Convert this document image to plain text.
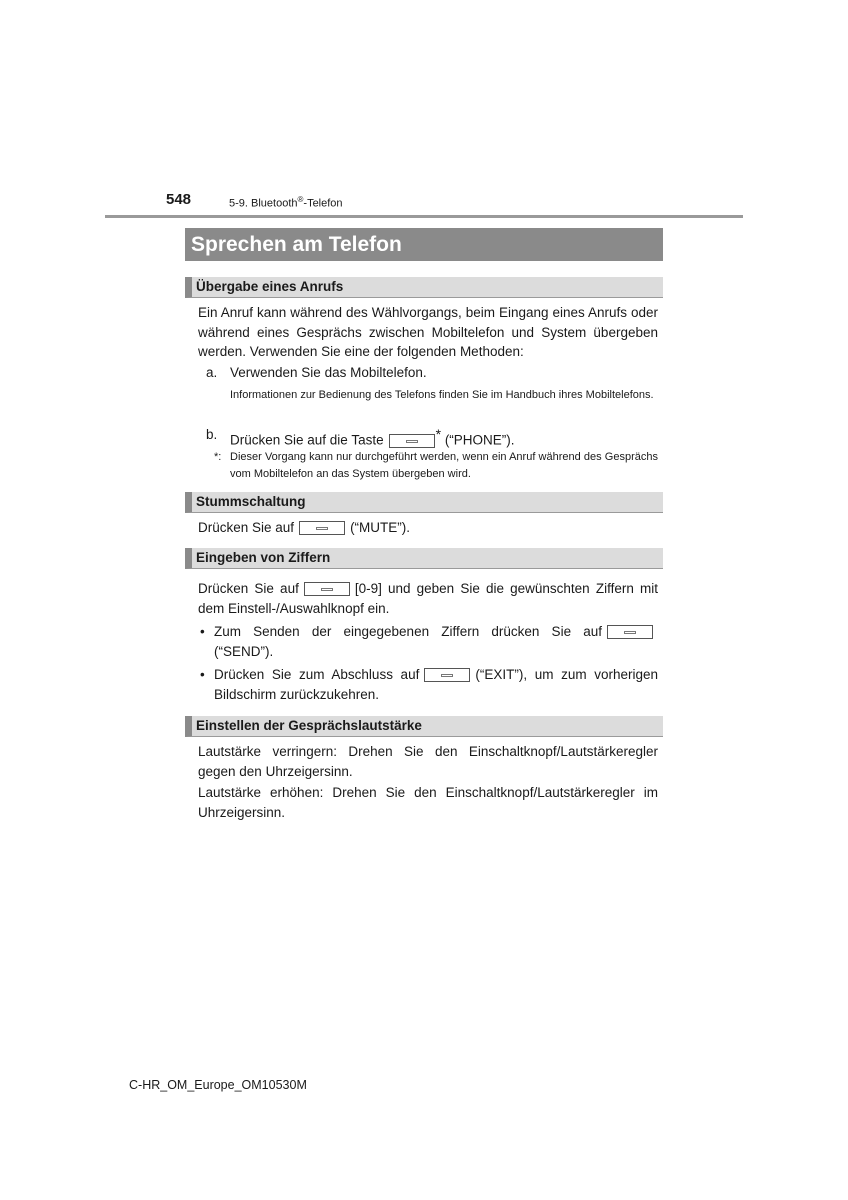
548	5-9. Bluetooth®-Telefon
Sprechen am Telefon
Übergabe eines Anrufs
Ein Anruf kann während des Wählvorgangs, beim Eingang eines Anrufs oder während eines Gesprächs zwischen Mobiltelefon und System übergeben werden. Verwenden Sie eine der folgenden Methoden:
a. Verwenden Sie das Mobiltelefon.
Informationen zur Bedienung des Telefons finden Sie im Handbuch ihres Mobiltelefons.
b. Drücken Sie auf die Taste	* (“PHONE”).
*: Dieser Vorgang kann nur durchgeführt werden, wenn ein Anruf während des Gesprächs vom Mobiltelefon an das System übergeben wird.
Stummschaltung
Drücken Sie auf	(“MUTE”).
Eingeben von Ziffern
Drücken Sie auf	[0-9] und geben Sie die gewünschten Ziffern mit dem Einstell-/Auswahlknopf ein.
• Zum Senden der eingegebenen Ziffern drücken Sie auf
(“SEND”).
• Drücken Sie zum Abschluss auf	(“EXIT”), um zum vorherigen Bildschirm zurückzukehren.
Einstellen der Gesprächslautstärke
Lautstärke verringern: Drehen Sie den Einschaltknopf/Lautstärkeregler gegen den Uhrzeigersinn.
Lautstärke erhöhen: Drehen Sie den Einschaltknopf/Lautstärkeregler im Uhrzeigersinn.
C-HR_OM_Europe_OM10530M
